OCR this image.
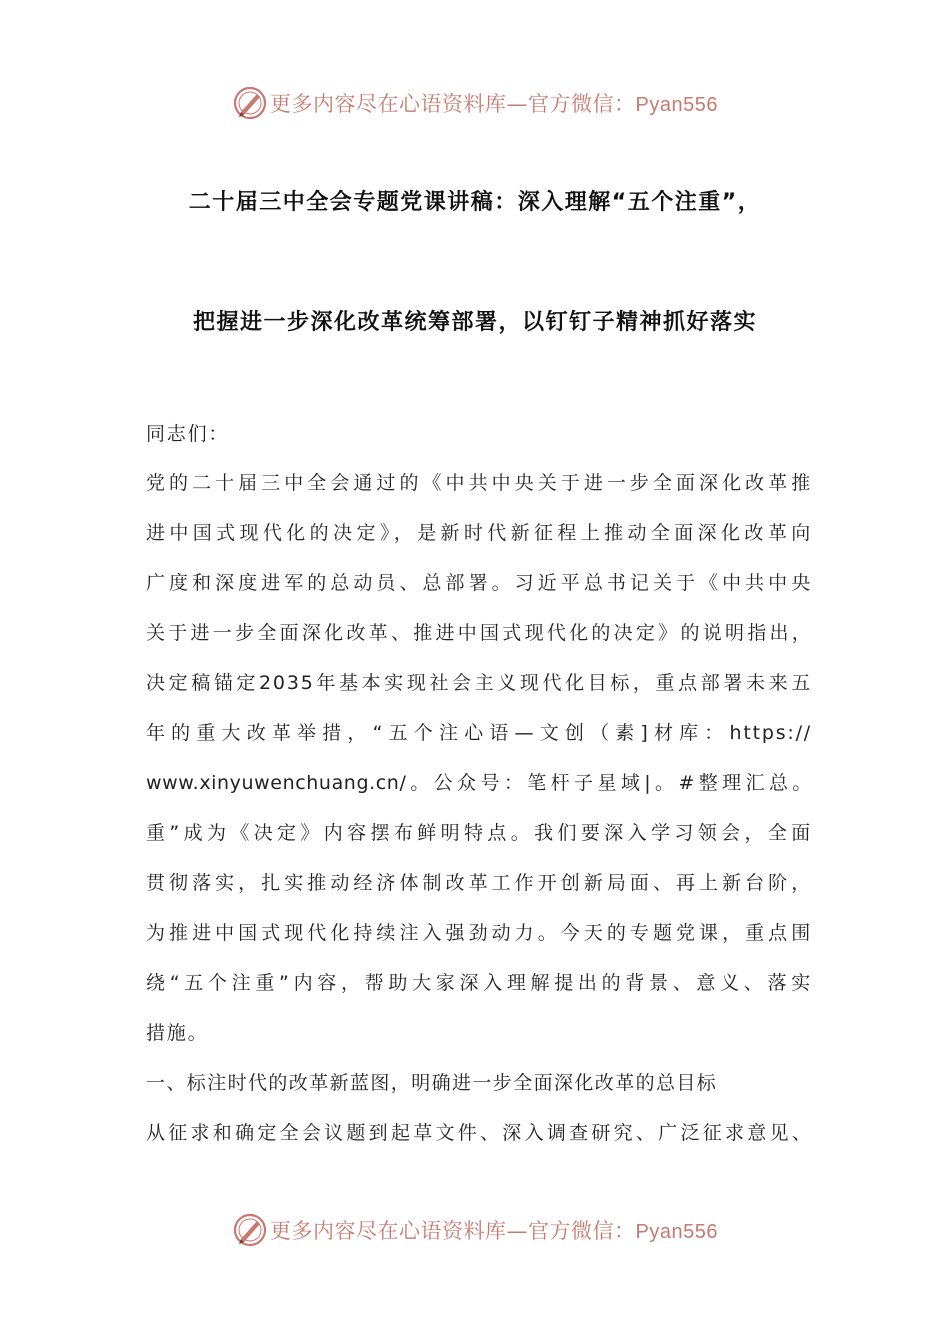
更多内容尽在心语资料库—官方微信：Pyan556
二十届三中全会专题党课讲稿：深入理解“五个注重”，
把握进一步深化改革统筹部署，以钉钉子精神抓好落实
同志们：
党的二十届三中全会通过的《中共中央关于进一步全面深化改革推
进中国式现代化的决定》，是新时代新征程上推动全面深化改革向
广度和深度进军的总动员、总部署。习近平总书记关于《中共中央
关于进一步全面深化改革、推进中国式现代化的决定》的说明指出，
决定稿锚定2035年基本实现社会主义现代化目标，重点部署未来五
年的重大改革举措，“五个注心语—文创（素]材库：https://
www.xinyuwenchuang.cn/。公众号：笔杆子星域|。#整理汇总。
重”成为《决定》内容摆布鲜明特点。我们要深入学习领会，全面
贯彻落实，扎实推动经济体制改革工作开创新局面、再上新台阶，
为推进中国式现代化持续注入强劲动力。今天的专题党课，重点围
绕“五个注重”内容，帮助大家深入理解提出的背景、意义、落实
措施。
一、标注时代的改革新蓝图，明确进一步全面深化改革的总目标
从征求和确定全会议题到起草文件、深入调查研究、广泛征求意见、
更多内容尽在心语资料库—官方微信：Pyan556
